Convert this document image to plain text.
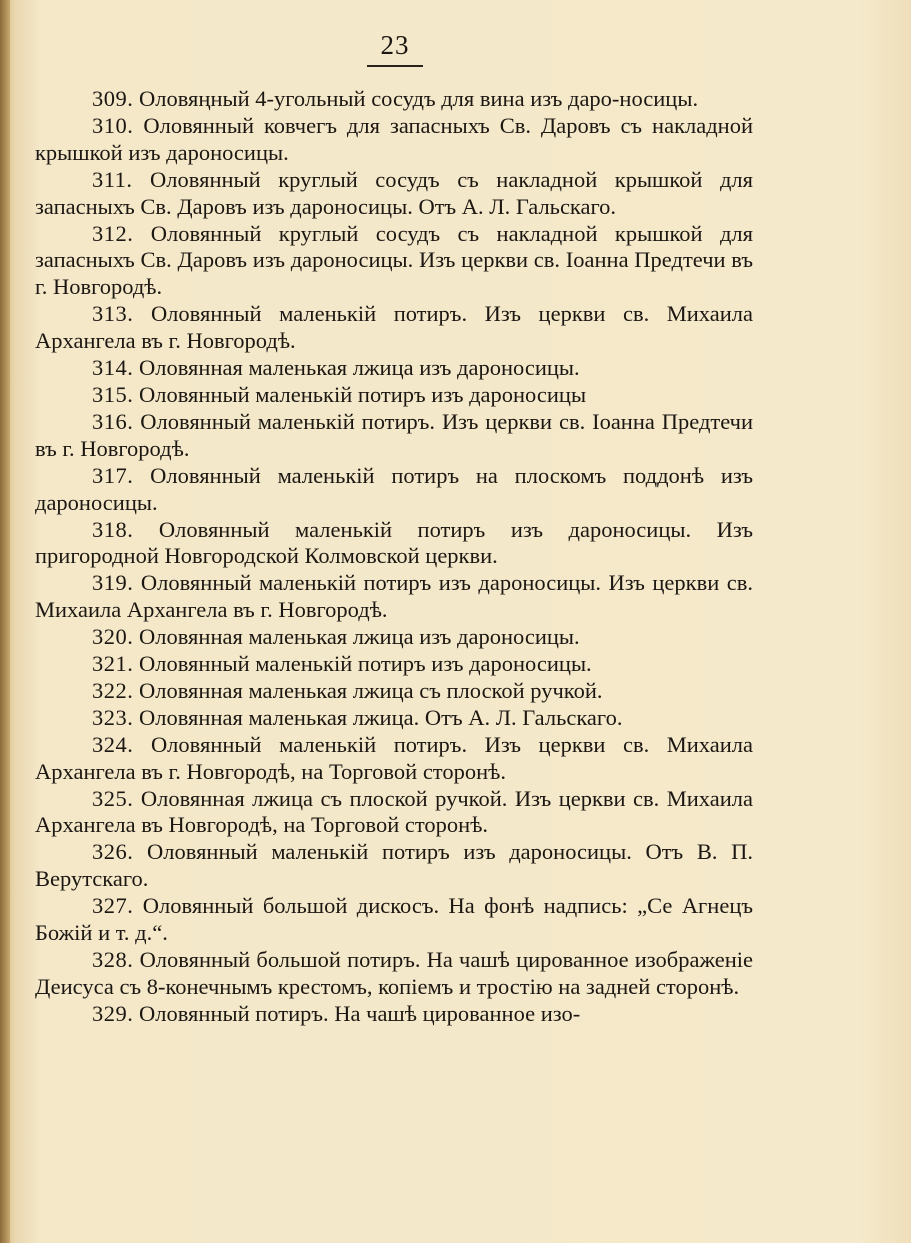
23

309. Оловяңный 4-угольный сосудъ для вина изъ даро-носицы.

310. Оловянный ковчегъ для запасныхъ Св. Даровъ съ накладной крышкой изъ дароносицы.

311. Оловянный круглый сосудъ съ накладной крышкой для запасныхъ Св. Даровъ изъ дароносицы. Отъ А. Л. Гальскаго.

312. Оловянный круглый сосудъ съ накладной крышкой для запасныхъ Св. Даровъ изъ дароносицы. Изъ церкви св. Іоанна Предтечи въ г. Новгородѣ.

313. Оловянный маленькій потиръ. Изъ церкви св. Михаила Архангела въ г. Новгородѣ.

314. Оловянная маленькая лжица изъ дароносицы.

315. Оловянный маленькій потиръ изъ дароносицы

316. Оловянный маленькій потиръ. Изъ церкви св. Іоанна Предтечи въ г. Новгородѣ.

317. Оловянный маленькій потиръ на плоскомъ поддонѣ изъ дароносицы.

318. Оловянный маленькій потиръ изъ дароносицы. Изъ пригородной Новгородской Колмовской церкви.

319. Оловянный маленькій потиръ изъ дароносицы. Изъ церкви св. Михаила Архангела въ г. Новгородѣ.

320. Оловянная маленькая лжица изъ дароносицы.

321. Оловянный маленькій потиръ изъ дароносицы.

322. Оловянная маленькая лжица съ плоской ручкой.

323. Оловянная маленькая лжица. Отъ А. Л. Гальскаго.

324. Оловянный маленькій потиръ. Изъ церкви св. Михаила Архангела въ г. Новгородѣ, на Торговой сторонѣ.

325. Оловянная лжица съ плоской ручкой. Изъ церкви св. Михаила Архангела въ Новгородѣ, на Торговой сторонѣ.

326. Оловянный маленькій потиръ изъ дароносицы. Отъ В. П. Верутскаго.

327. Оловянный большой дискосъ. На фонѣ надпись: „Се Агнецъ Божій и т. д.“.

328. Оловянный большой потиръ. На чашѣ цированное изображеніе Деисуса съ 8-конечнымъ крестомъ, копіемъ и тростію на задней сторонѣ.

329. Оловянный потиръ. На чашѣ цированное изо-
